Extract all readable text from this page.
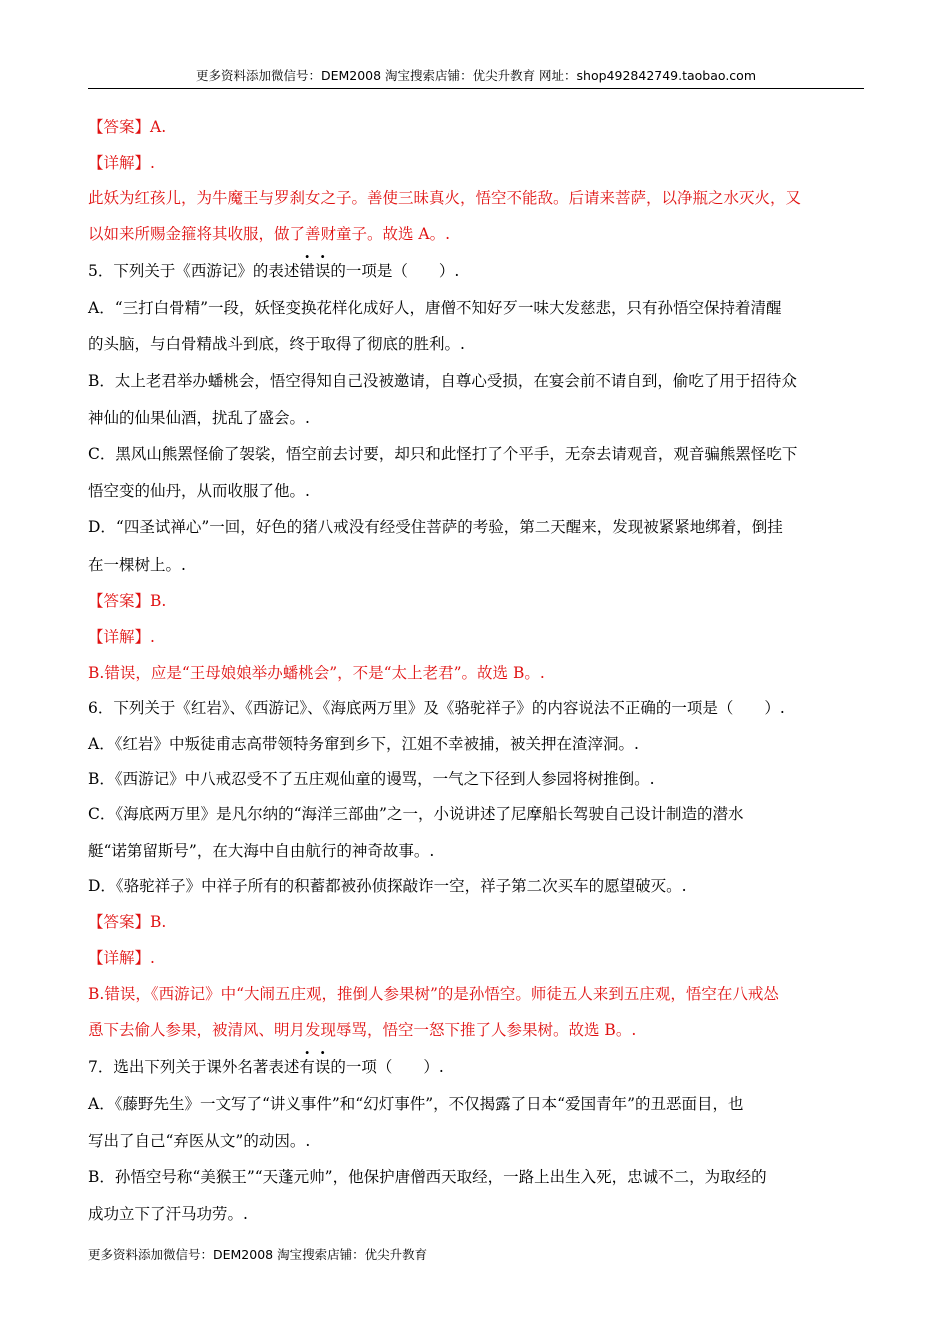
更多资料添加微信号：DEM2008 淘宝搜索店铺：优尖升教育 网址：shop492842749.taobao.com
【答案】A.
【详解】.
此妖为红孩儿，为牛魔王与罗刹女之子。善使三昧真火，悟空不能敌。后请来菩萨，以净瓶之水灭火，又
以如来所赐金箍将其收服，做了善财童子。故选 A。.
5．下列关于《西游记》的表述错误的一项是（　　）.
A．“三打白骨精”一段，妖怪变换花样化成好人，唐僧不知好歹一味大发慈悲，只有孙悟空保持着清醒
的头脑，与白骨精战斗到底，终于取得了彻底的胜利。.
B．太上老君举办蟠桃会，悟空得知自己没被邀请，自尊心受损，在宴会前不请自到，偷吃了用于招待众
神仙的仙果仙酒，扰乱了盛会。.
C．黑风山熊罴怪偷了袈裟，悟空前去讨要，却只和此怪打了个平手，无奈去请观音，观音骗熊罴怪吃下
悟空变的仙丹，从而收服了他。.
D．“四圣试禅心”一回，好色的猪八戒没有经受住菩萨的考验，第二天醒来，发现被紧紧地绑着，倒挂
在一棵树上。.
【答案】B.
【详解】.
B.错误，应是“王母娘娘举办蟠桃会”，不是“太上老君”。故选 B。.
6．下列关于《红岩》、《西游记》、《海底两万里》及《骆驼祥子》的内容说法不正确的一项是（　　）.
A．《红岩》中叛徒甫志高带领特务窜到乡下，江姐不幸被捕，被关押在渣滓洞。.
B．《西游记》中八戒忍受不了五庄观仙童的谩骂，一气之下径到人参园将树推倒。.
C．《海底两万里》是凡尔纳的“海洋三部曲”之一，小说讲述了尼摩船长驾驶自己设计制造的潜水
艇“诺第留斯号”，在大海中自由航行的神奇故事。.
D．《骆驼祥子》中祥子所有的积蓄都被孙侦探敲诈一空，祥子第二次买车的愿望破灭。.
【答案】B.
【详解】.
B.错误，《西游记》中“大闹五庄观，推倒人参果树”的是孙悟空。师徒五人来到五庄观，悟空在八戒怂
恿下去偷人参果，被清风、明月发现辱骂，悟空一怒下推了人参果树。故选 B。.
7．选出下列关于课外名著表述有误的一项（　　）.
A．《藤野先生》一文写了“讲义事件”和“幻灯事件”，不仅揭露了日本“爱国青年”的丑恶面目，也
写出了自己“弃医从文”的动因。.
B．孙悟空号称“美猴王”“天蓬元帅”，他保护唐僧西天取经，一路上出生入死，忠诚不二，为取经的
成功立下了汗马功劳。.
更多资料添加微信号：DEM2008 淘宝搜索店铺：优尖升教育
